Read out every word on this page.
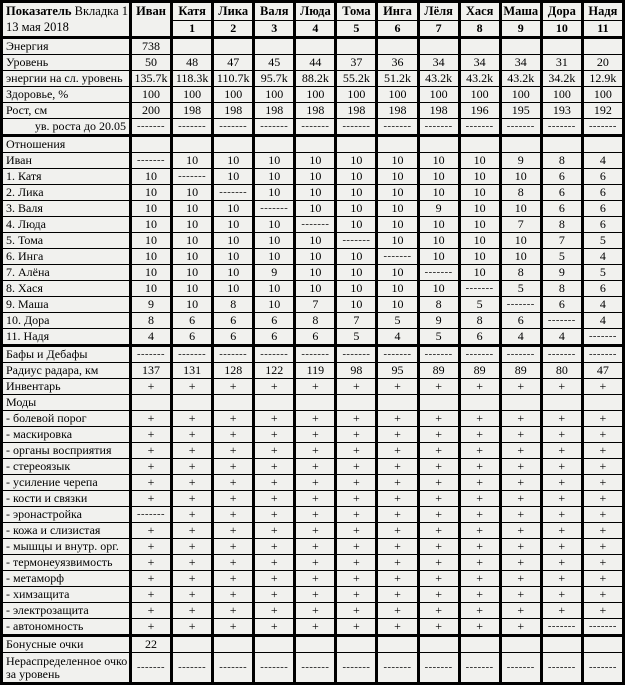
Показатель Вкладка 1
13 мая 2018	Иван	Катя	Лика	Валя	Люда	Тома	Инга	Лёля	Хася	Маша	Дора	Надя
		1	2	3	4	5	6	7	8	9	10	11
Энергия	738											
Уровень	50	48	47	45	44	37	36	34	34	34	31	20
энергии на сл. уровень	135.7k	118.3k	110.7k	95.7k	88.2k	55.2k	51.2k	43.2k	43.2k	43.2k	34.2k	12.9k
Здоровье, %	100	100	100	100	100	100	100	100	100	100	100	100
Рост, см	200	198	198	198	198	198	198	198	196	195	193	192
ув. роста до 20.05	-------	-------	-------	-------	-------	-------	-------	-------	-------	-------	-------	-------
Отношения												
Иван	-------	10	10	10	10	10	10	10	10	9	8	4
1. Катя	10	-------	10	10	10	10	10	10	10	10	6	6
2. Лика	10	10	-------	10	10	10	10	10	10	8	6	6
3. Валя	10	10	10	-------	10	10	10	9	10	10	6	6
4. Люда	10	10	10	10	-------	10	10	10	10	7	8	6
5. Тома	10	10	10	10	10	-------	10	10	10	10	7	5
6. Инга	10	10	10	10	10	10	-------	10	10	10	5	4
7. Алёна	10	10	10	9	10	10	10	-------	10	8	9	5
8. Хася	10	10	10	10	10	10	10	10	-------	5	8	6
9. Маша	9	10	8	10	7	10	10	8	5	-------	6	4
10. Дора	8	6	6	6	8	7	5	9	8	6	-------	4
11. Надя	4	6	6	6	6	5	4	5	6	4	4	-------
Бафы и Дебафы	-------	-------	-------	-------	-------	-------	-------	-------	-------	-------	-------	-------
Радиус радара, км	137	131	128	122	119	98	95	89	89	89	80	47
Инвентарь	+	+	+	+	+	+	+	+	+	+	+	+
Моды												
- болевой порог	+	+	+	+	+	+	+	+	+	+	+	+
- маскировка	+	+	+	+	+	+	+	+	+	+	+	+
- органы восприятия	+	+	+	+	+	+	+	+	+	+	+	+
- стереоязык	+	+	+	+	+	+	+	+	+	+	+	+
- усиление черепа	+	+	+	+	+	+	+	+	+	+	+	+
- кости и связки	+	+	+	+	+	+	+	+	+	+	+	+
- эронастройка	-------	+	+	+	+	+	+	+	+	+	+	+
- кожа и слизистая	+	+	+	+	+	+	+	+	+	+	+	+
- мышцы и внутр. орг.	+	+	+	+	+	+	+	+	+	+	+	+
- термонеуязвимость	+	+	+	+	+	+	+	+	+	+	+	+
- метаморф	+	+	+	+	+	+	+	+	+	+	+	+
- химзащита	+	+	+	+	+	+	+	+	+	+	+	+
- электрозащита	+	+	+	+	+	+	+	+	+	+	+	+
- автономность	+	+	+	+	+	+	+	+	+	+	-------	-------
Бонусные очки	22											
Нераспределенное очко за уровень	-------	-------	-------	-------	-------	-------	-------	-------	-------	-------	-------	-------
